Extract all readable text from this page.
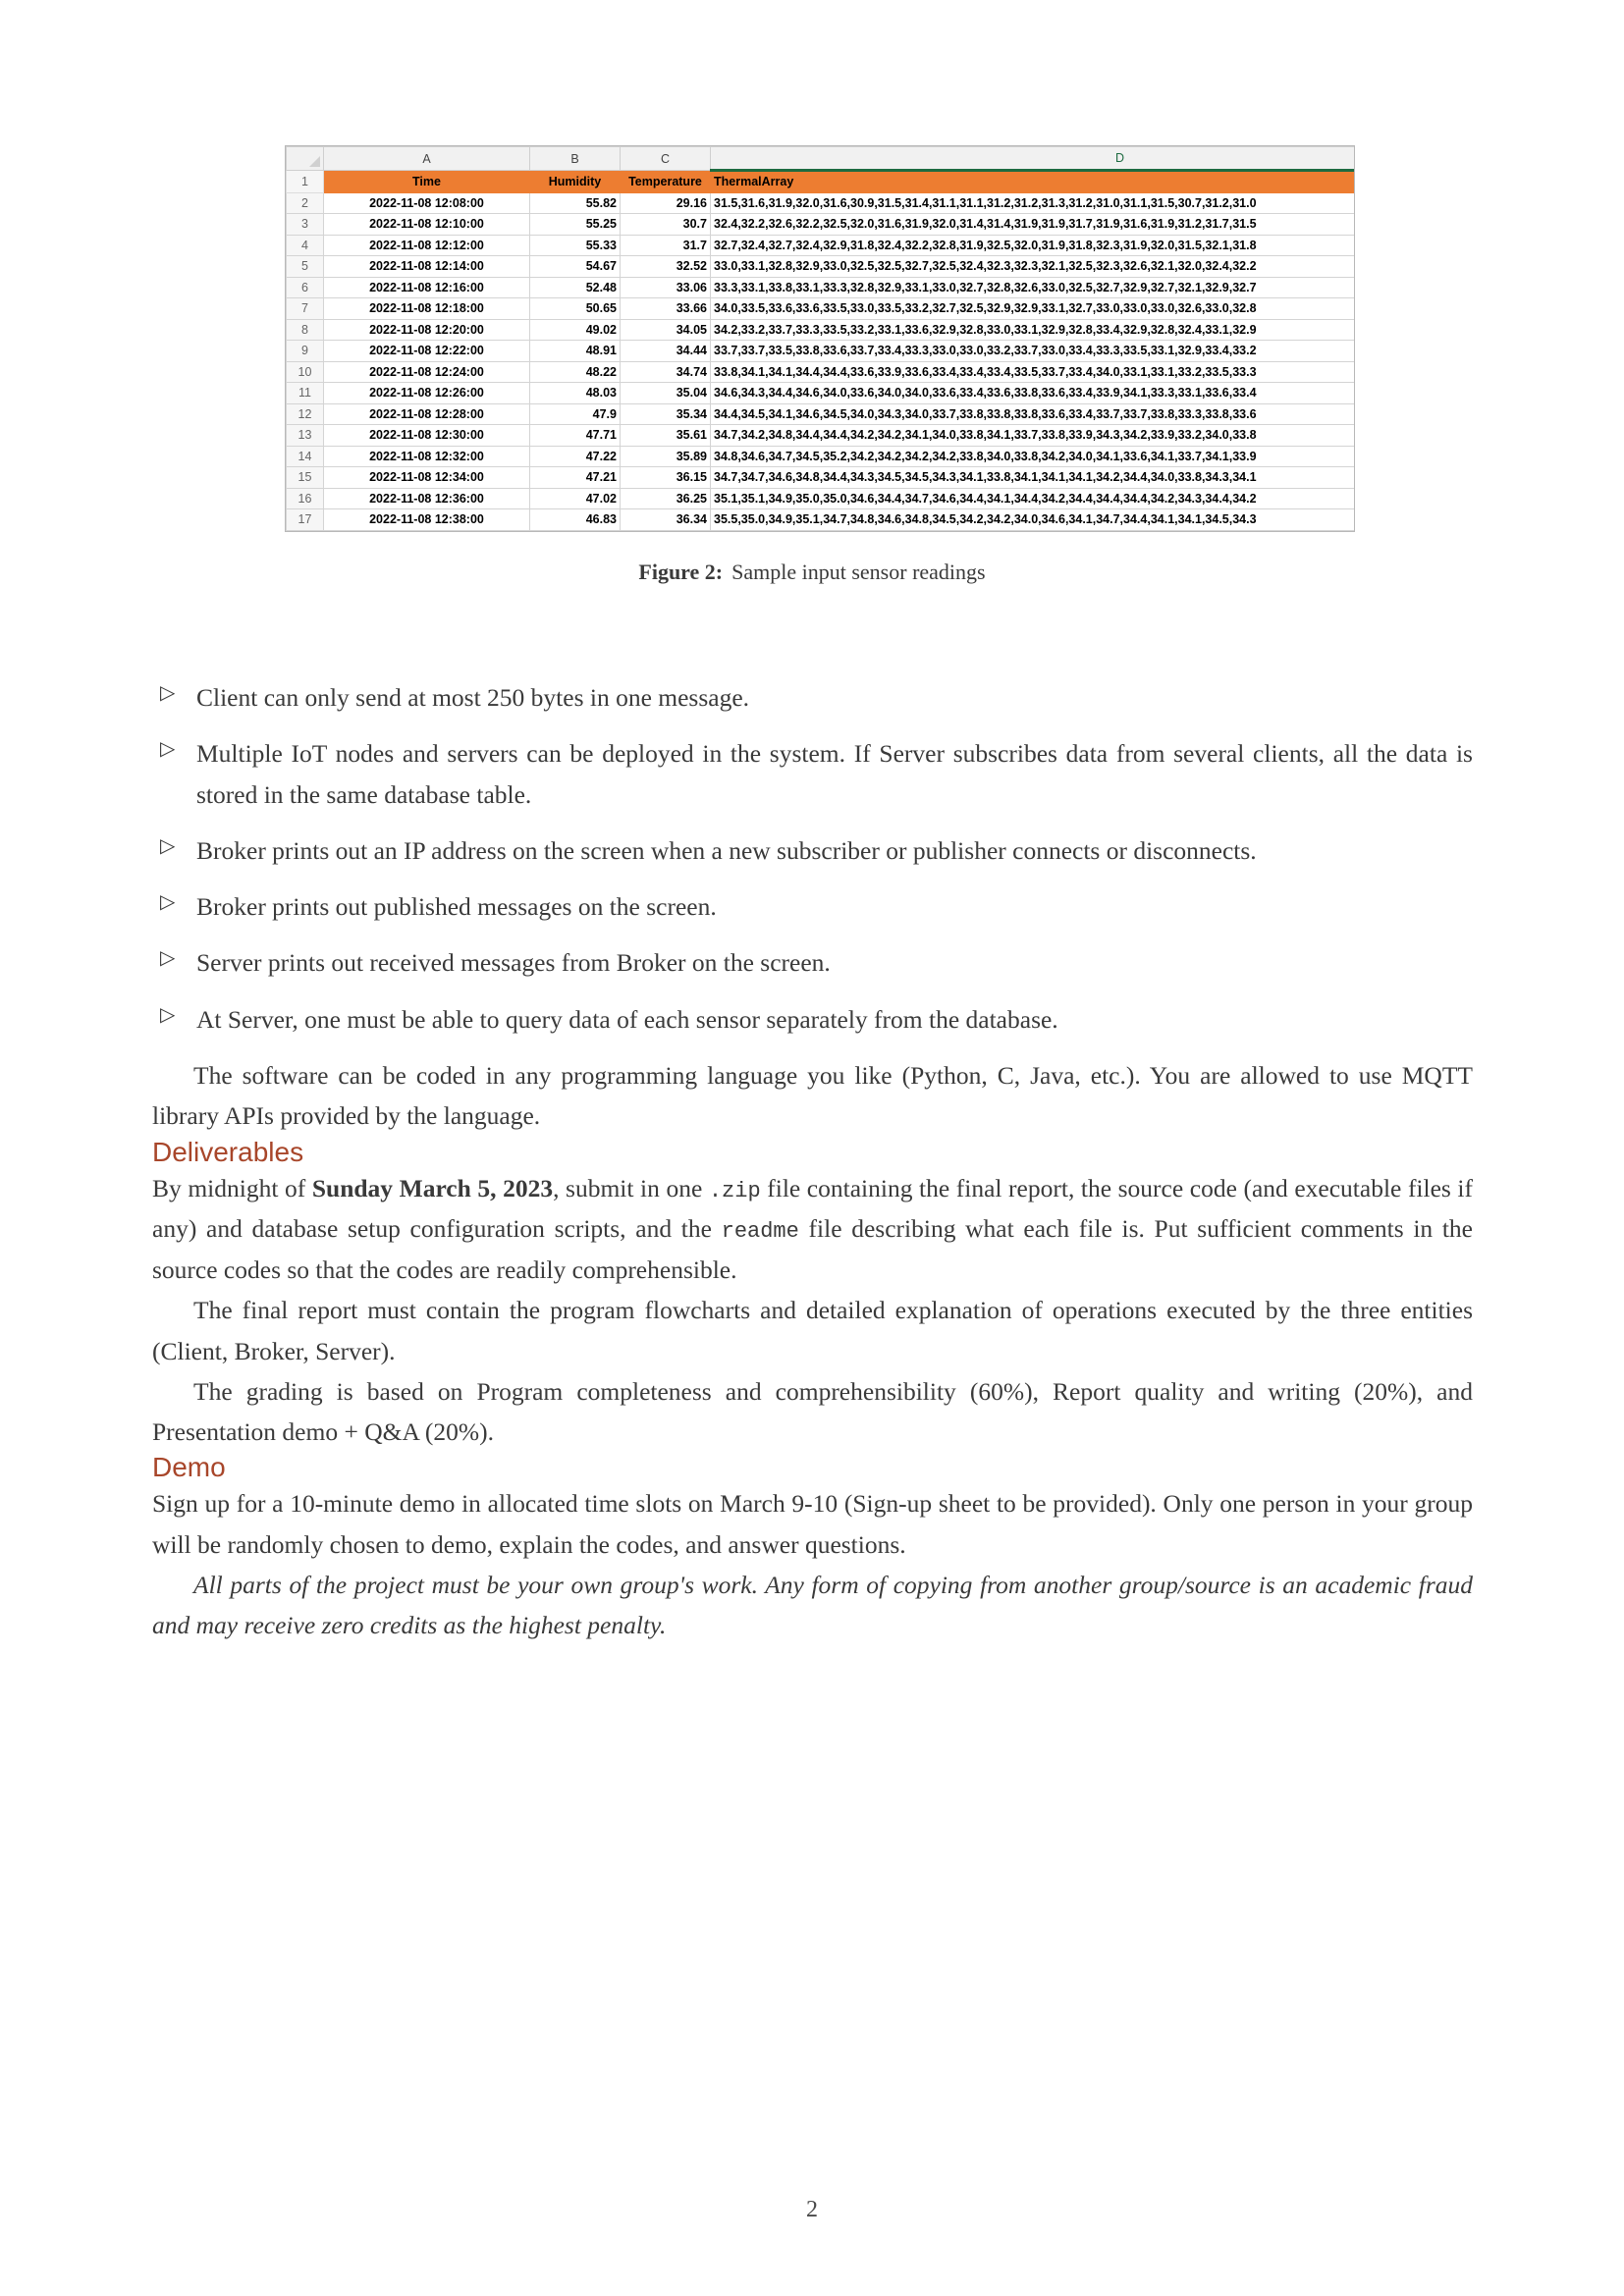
	A	B	C	D
1	Time	Humidity	Temperature	ThermalArray
2	2022-11-08 12:08:00	55.82	29.16	31.5,31.6,31.9,32.0,31.6,30.9,31.5,31.4,31.1,31.1,31.2,31.2,31.3,31.2,31.0,31.1,31.5,30.7,31.2,31.0
3	2022-11-08 12:10:00	55.25	30.7	32.4,32.2,32.6,32.2,32.5,32.0,31.6,31.9,32.0,31.4,31.4,31.9,31.9,31.7,31.9,31.6,31.9,31.2,31.7,31.5
4	2022-11-08 12:12:00	55.33	31.7	32.7,32.4,32.7,32.4,32.9,31.8,32.4,32.2,32.8,31.9,32.5,32.0,31.9,31.8,32.3,31.9,32.0,31.5,32.1,31.8
5	2022-11-08 12:14:00	54.67	32.52	33.0,33.1,32.8,32.9,33.0,32.5,32.5,32.7,32.5,32.4,32.3,32.3,32.1,32.5,32.3,32.6,32.1,32.0,32.4,32.2
6	2022-11-08 12:16:00	52.48	33.06	33.3,33.1,33.8,33.1,33.3,32.8,32.9,33.1,33.0,32.7,32.8,32.6,33.0,32.5,32.7,32.9,32.7,32.1,32.9,32.7
7	2022-11-08 12:18:00	50.65	33.66	34.0,33.5,33.6,33.6,33.5,33.0,33.5,33.2,32.7,32.5,32.9,32.9,33.1,32.7,33.0,33.0,33.0,32.6,33.0,32.8
8	2022-11-08 12:20:00	49.02	34.05	34.2,33.2,33.7,33.3,33.5,33.2,33.1,33.6,32.9,32.8,33.0,33.1,32.9,32.8,33.4,32.9,32.8,32.4,33.1,32.9
9	2022-11-08 12:22:00	48.91	34.44	33.7,33.7,33.5,33.8,33.6,33.7,33.4,33.3,33.0,33.0,33.2,33.7,33.0,33.4,33.3,33.5,33.1,32.9,33.4,33.2
10	2022-11-08 12:24:00	48.22	34.74	33.8,34.1,34.1,34.4,34.4,33.6,33.9,33.6,33.4,33.4,33.4,33.5,33.7,33.4,34.0,33.1,33.1,33.2,33.5,33.3
11	2022-11-08 12:26:00	48.03	35.04	34.6,34.3,34.4,34.6,34.0,33.6,34.0,34.0,33.6,33.4,33.6,33.8,33.6,33.4,33.9,34.1,33.3,33.1,33.6,33.4
12	2022-11-08 12:28:00	47.9	35.34	34.4,34.5,34.1,34.6,34.5,34.0,34.3,34.0,33.7,33.8,33.8,33.8,33.6,33.4,33.7,33.7,33.8,33.3,33.8,33.6
13	2022-11-08 12:30:00	47.71	35.61	34.7,34.2,34.8,34.4,34.4,34.2,34.2,34.1,34.0,33.8,34.1,33.7,33.8,33.9,34.3,34.2,33.9,33.2,34.0,33.8
14	2022-11-08 12:32:00	47.22	35.89	34.8,34.6,34.7,34.5,35.2,34.2,34.2,34.2,34.2,33.8,34.0,33.8,34.2,34.0,34.1,33.6,34.1,33.7,34.1,33.9
15	2022-11-08 12:34:00	47.21	36.15	34.7,34.7,34.6,34.8,34.4,34.3,34.5,34.5,34.3,34.1,33.8,34.1,34.1,34.1,34.2,34.4,34.0,33.8,34.3,34.1
16	2022-11-08 12:36:00	47.02	36.25	35.1,35.1,34.9,35.0,35.0,34.6,34.4,34.7,34.6,34.4,34.1,34.4,34.2,34.4,34.4,34.4,34.2,34.3,34.4,34.2
17	2022-11-08 12:38:00	46.83	36.34	35.5,35.0,34.9,35.1,34.7,34.8,34.6,34.8,34.5,34.2,34.2,34.0,34.6,34.1,34.7,34.4,34.1,34.1,34.5,34.3
Figure 2: Sample input sensor readings
▷ Client can only send at most 250 bytes in one message.
▷ Multiple IoT nodes and servers can be deployed in the system. If Server subscribes data from several clients, all the data is stored in the same database table.
▷ Broker prints out an IP address on the screen when a new subscriber or publisher connects or disconnects.
▷ Broker prints out published messages on the screen.
▷ Server prints out received messages from Broker on the screen.
▷ At Server, one must be able to query data of each sensor separately from the database.

The software can be coded in any programming language you like (Python, C, Java, etc.). You are allowed to use MQTT library APIs provided by the language.

Deliverables

By midnight of Sunday March 5, 2023, submit in one .zip file containing the final report, the source code (and executable files if any) and database setup configuration scripts, and the readme file describing what each file is. Put sufficient comments in the source codes so that the codes are readily comprehensible.

The final report must contain the program flowcharts and detailed explanation of operations executed by the three entities (Client, Broker, Server).

The grading is based on Program completeness and comprehensibility (60%), Report quality and writing (20%), and Presentation demo + Q&A (20%).

Demo

Sign up for a 10-minute demo in allocated time slots on March 9-10 (Sign-up sheet to be provided). Only one person in your group will be randomly chosen to demo, explain the codes, and answer questions.

All parts of the project must be your own group's work. Any form of copying from another group/source is an academic fraud and may receive zero credits as the highest penalty.

2
